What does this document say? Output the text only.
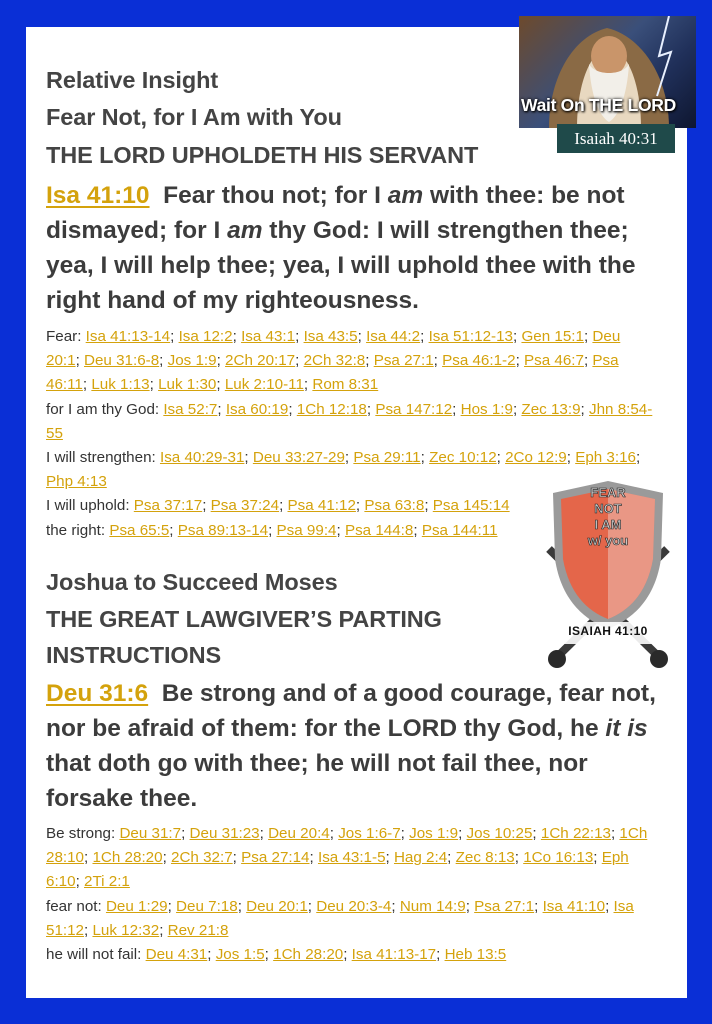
Relative Insight

Fear Not, for I Am with You

THE LORD UPHOLDETH HIS SERVANT

Isa 41:10 Fear thou not; for I am with thee: be not dismayed; for I am thy God: I will strengthen thee; yea, I will help thee; yea, I will uphold thee with the right hand of my righteousness.

Fear: Isa 41:13-14; Isa 12:2; Isa 43:1; Isa 43:5; Isa 44:2; Isa 51:12-13; Gen 15:1; Deu 20:1; Deu 31:6-8; Jos 1:9; 2Ch 20:17; 2Ch 32:8; Psa 27:1; Psa 46:1-2; Psa 46:7; Psa 46:11; Luk 1:13; Luk 1:30; Luk 2:10-11; Rom 8:31
for I am thy God: Isa 52:7; Isa 60:19; 1Ch 12:18; Psa 147:12; Hos 1:9; Zec 13:9; Jhn 8:54-55
I will strengthen: Isa 40:29-31; Deu 33:27-29; Psa 29:11; Zec 10:12; 2Co 12:9; Eph 3:16; Php 4:13
I will uphold: Psa 37:17; Psa 37:24; Psa 41:12; Psa 63:8; Psa 145:14
the right: Psa 65:5; Psa 89:13-14; Psa 99:4; Psa 144:8; Psa 144:11

Joshua to Succeed Moses

THE GREAT LAWGIVER’S PARTING

INSTRUCTIONS

Deu 31:6 Be strong and of a good courage, fear not, nor be afraid of them: for the LORD thy God, he it is that doth go with thee; he will not fail thee, nor forsake thee.

Be strong: Deu 31:7; Deu 31:23; Deu 20:4; Jos 1:6-7; Jos 1:9; Jos 10:25; 1Ch 22:13; 1Ch 28:10; 1Ch 28:20; 2Ch 32:7; Psa 27:14; Isa 43:1-5; Hag 2:4; Zec 8:13; 1Co 16:13; Eph 6:10; 2Ti 2:1
fear not: Deu 1:29; Deu 7:18; Deu 20:1; Deu 20:3-4; Num 14:9; Psa 27:1; Isa 41:10; Isa 51:12; Luk 12:32; Rev 21:8
he will not fail: Deu 4:31; Jos 1:5; 1Ch 28:20; Isa 41:13-17; Heb 13:5
Wait On THE LORD
Isaiah 40:31
FEAR
NOT
I AM
w/ you
ISAIAH 41:10
